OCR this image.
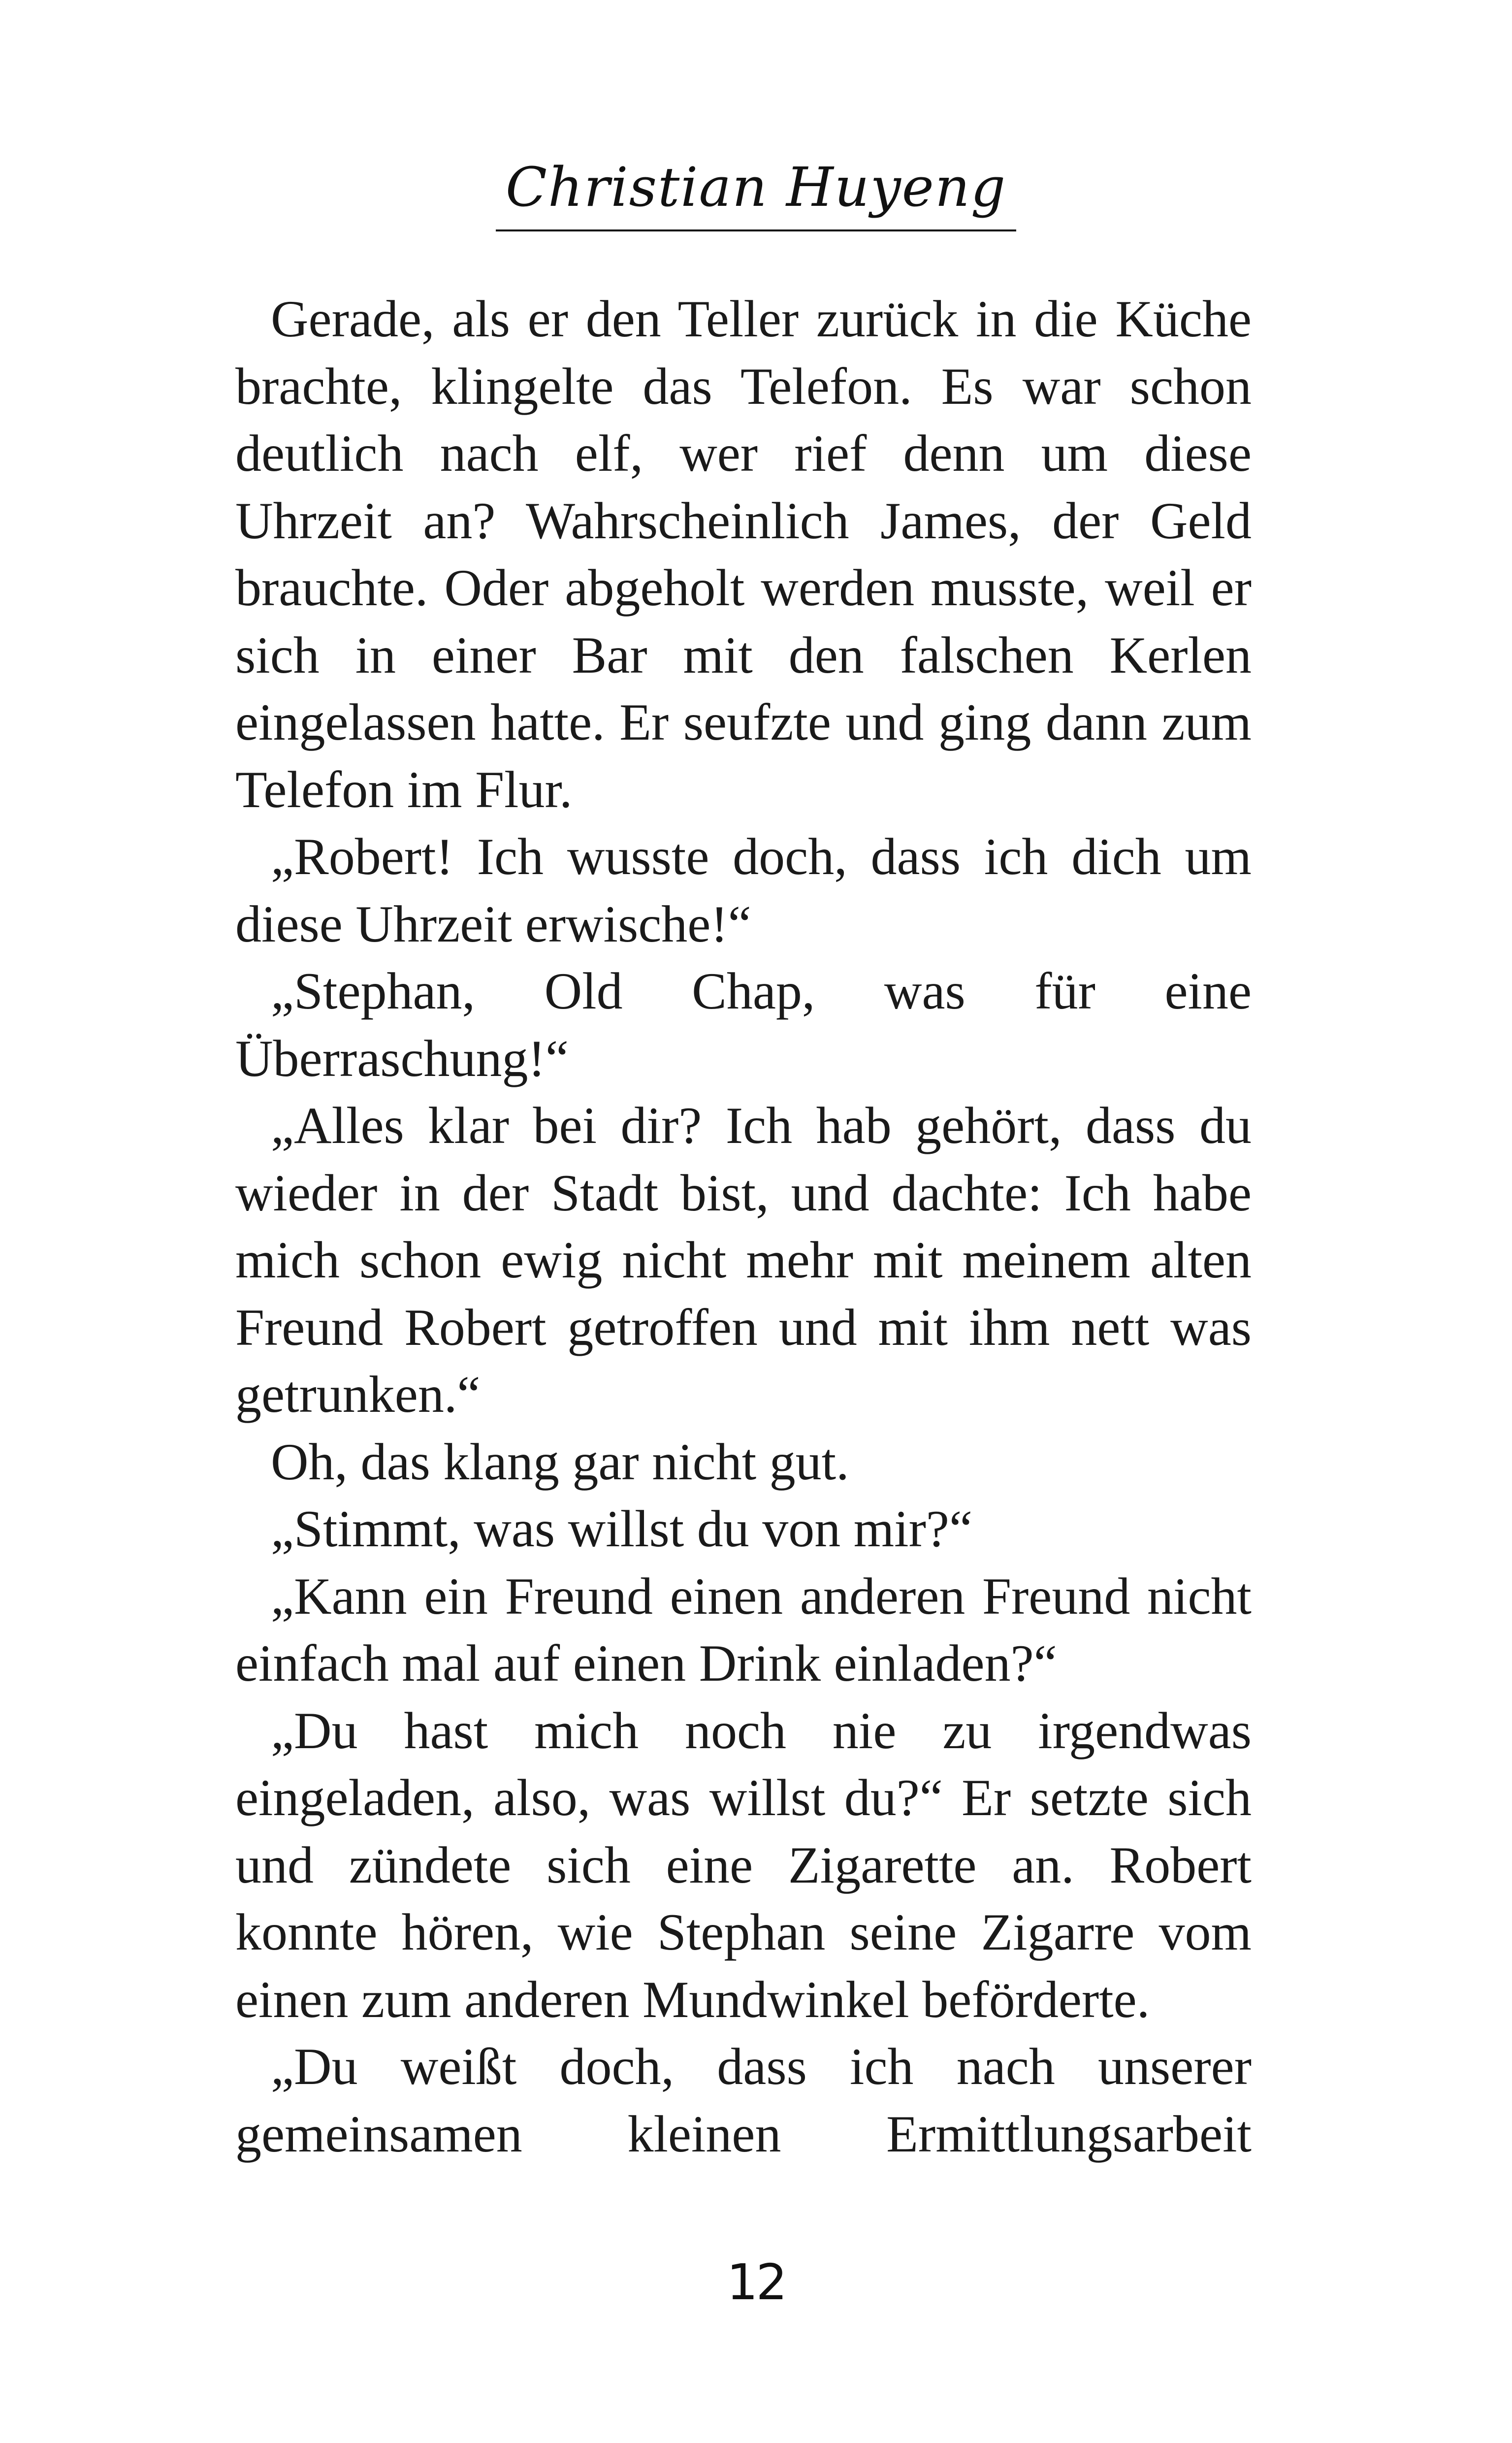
Christian Huyeng

Gerade, als er den Teller zurück in die Küche brachte, klingelte das Telefon. Es war schon deutlich nach elf, wer rief denn um diese Uhrzeit an? Wahrscheinlich James, der Geld brauchte. Oder abgeholt werden musste, weil er sich in einer Bar mit den falschen Kerlen eingelassen hatte. Er seufzte und ging dann zum Telefon im Flur.

„Robert! Ich wusste doch, dass ich dich um diese Uhrzeit erwische!“

„Stephan, Old Chap, was für eine Überraschung!“

„Alles klar bei dir? Ich hab gehört, dass du wieder in der Stadt bist, und dachte: Ich habe mich schon ewig nicht mehr mit meinem alten Freund Robert getroffen und mit ihm nett was getrunken.“

Oh, das klang gar nicht gut.

„Stimmt, was willst du von mir?“

„Kann ein Freund einen anderen Freund nicht einfach mal auf einen Drink einladen?“

„Du hast mich noch nie zu irgendwas eingeladen, also, was willst du?“ Er setzte sich und zündete sich eine Zigarette an. Robert konnte hören, wie Stephan seine Zigarre vom einen zum anderen Mundwinkel beförderte.

„Du weißt doch, dass ich nach unserer gemeinsamen kleinen Ermittlungsarbeit

12
